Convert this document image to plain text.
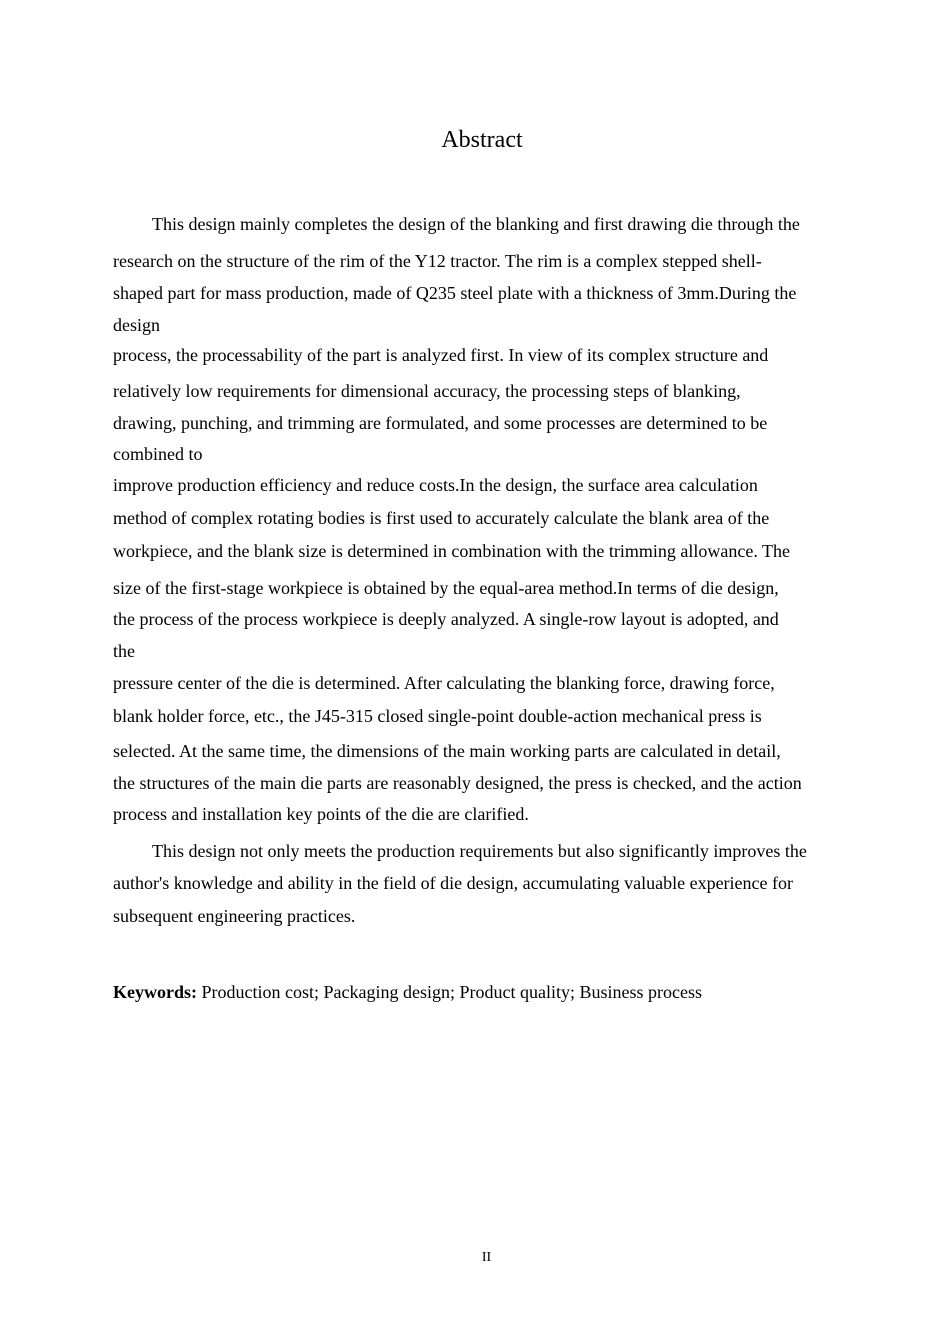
Abstract

This design mainly completes the design of the blanking and first drawing die through the

research on the structure of the rim of the Y12 tractor. The rim is a complex stepped shell-

shaped part for mass production, made of Q235 steel plate with a thickness of 3mm.During the

design

process, the processability of the part is analyzed first. In view of its complex structure and

relatively low requirements for dimensional accuracy, the processing steps of blanking,

drawing, punching, and trimming are formulated, and some processes are determined to be

combined to

improve production efficiency and reduce costs.In the design, the surface area calculation

method of complex rotating bodies is first used to accurately calculate the blank area of the

workpiece, and the blank size is determined in combination with the trimming allowance. The

size of the first-stage workpiece is obtained by the equal-area method.In terms of die design,

the process of the process workpiece is deeply analyzed. A single-row layout is adopted, and

the

pressure center of the die is determined. After calculating the blanking force, drawing force,

blank holder force, etc., the J45-315 closed single-point double-action mechanical press is

selected. At the same time, the dimensions of the main working parts are calculated in detail,

the structures of the main die parts are reasonably designed, the press is checked, and the action

process and installation key points of the die are clarified.

This design not only meets the production requirements but also significantly improves the

author's knowledge and ability in the field of die design, accumulating valuable experience for

subsequent engineering practices.

Keywords: Production cost; Packaging design; Product quality; Business process

II
